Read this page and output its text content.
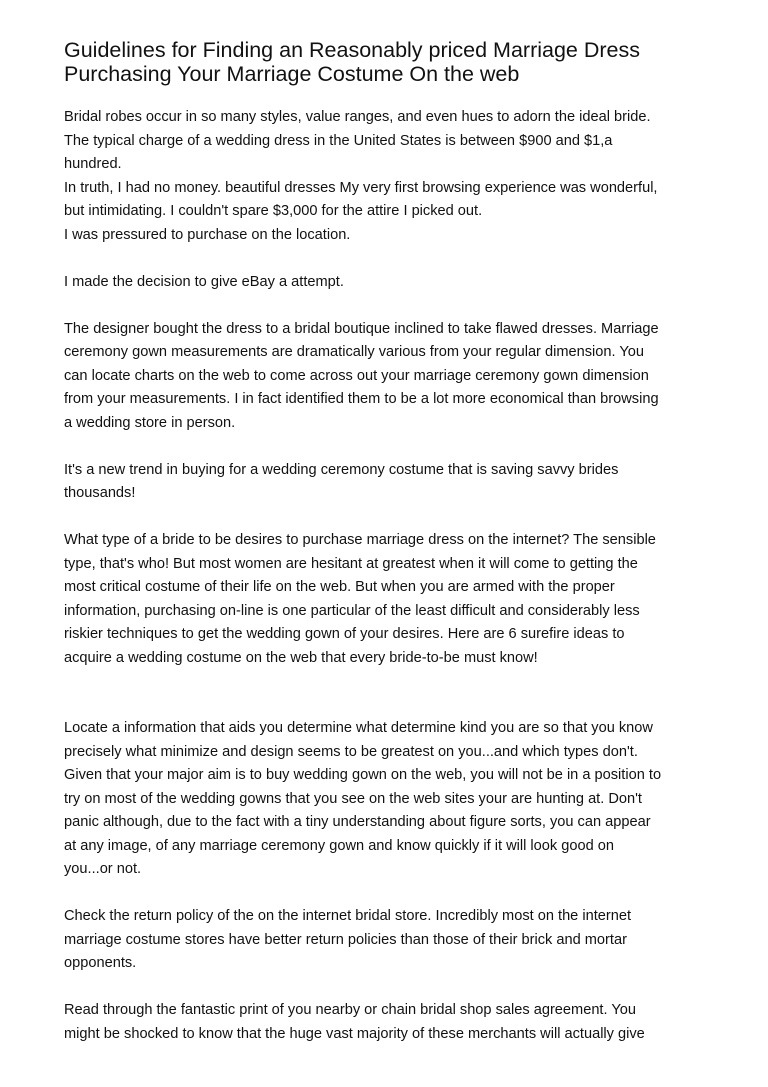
Guidelines for Finding an Reasonably priced Marriage Dress
Purchasing Your Marriage Costume On the web

Bridal robes occur in so many styles, value ranges, and even hues to adorn the ideal bride.
The typical charge of a wedding dress in the United States is between $900 and $1,a
hundred.
In truth, I had no money. beautiful dresses My very first browsing experience was wonderful,
but intimidating. I couldn't spare $3,000 for the attire I picked out.
I was pressured to purchase on the location.

I made the decision to give eBay a attempt.

The designer bought the dress to a bridal boutique inclined to take flawed dresses. Marriage
ceremony gown measurements are dramatically various from your regular dimension. You
can locate charts on the web to come across out your marriage ceremony gown dimension
from your measurements. I in fact identified them to be a lot more economical than browsing
a wedding store in person.

It's a new trend in buying for a wedding ceremony costume that is saving savvy brides
thousands!

What type of a bride to be desires to purchase marriage dress on the internet? The sensible
type, that's who! But most women are hesitant at greatest when it will come to getting the
most critical costume of their life on the web. But when you are armed with the proper
information, purchasing on-line is one particular of the least difficult and considerably less
riskier techniques to get the wedding gown of your desires. Here are 6 surefire ideas to
acquire a wedding costume on the web that every bride-to-be must know!

Locate a information that aids you determine what determine kind you are so that you know
precisely what minimize and design seems to be greatest on you...and which types don't.
Given that your major aim is to buy wedding gown on the web, you will not be in a position to
try on most of the wedding gowns that you see on the web sites your are hunting at. Don't
panic although, due to the fact with a tiny understanding about figure sorts, you can appear
at any image, of any marriage ceremony gown and know quickly if it will look good on
you...or not.

Check the return policy of the on the internet bridal store. Incredibly most on the internet
marriage costume stores have better return policies than those of their brick and mortar
opponents.

Read through the fantastic print of you nearby or chain bridal shop sales agreement. You
might be shocked to know that the huge vast majority of these merchants will actually give
